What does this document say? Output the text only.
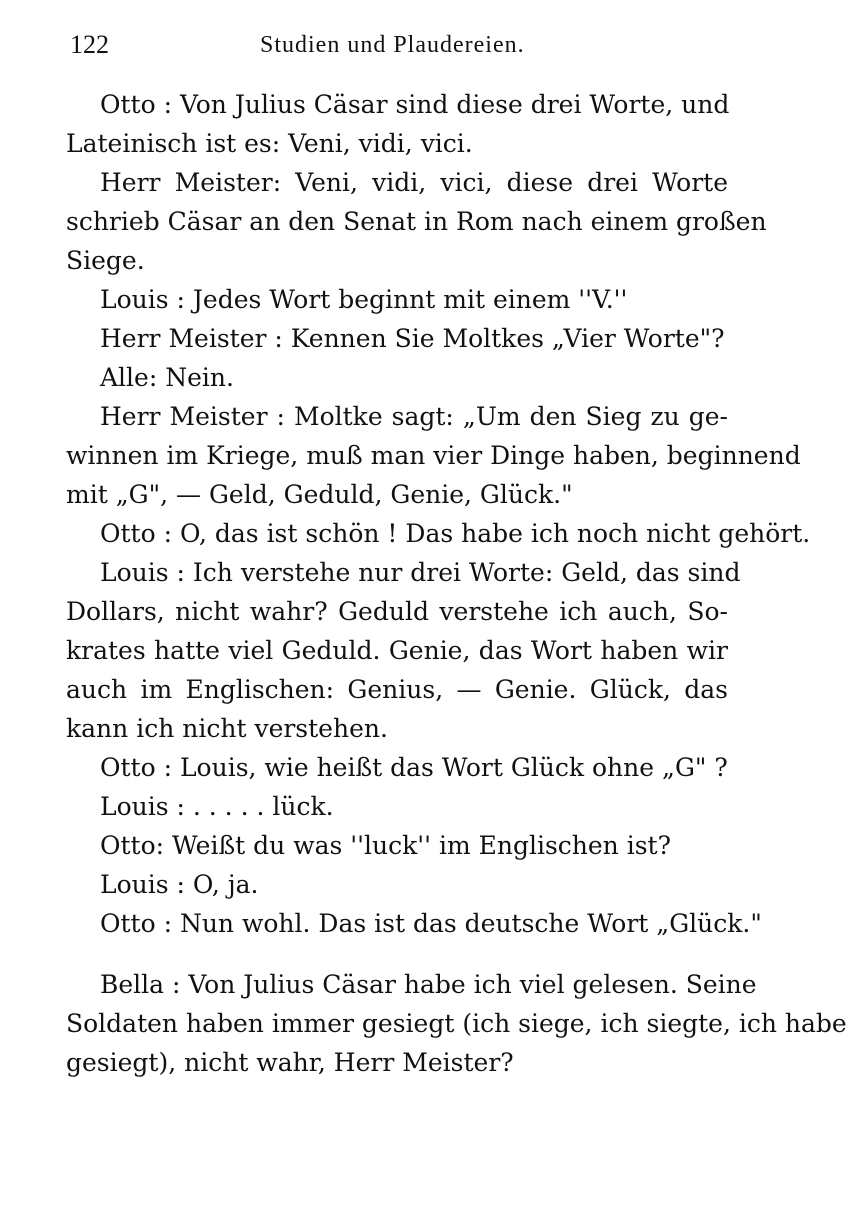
122	Studien und Plaudereien.
Otto : Von Julius Cäsar sind diese drei Worte, und
Lateinisch ist es: Veni, vidi, vici.
Herr Meister: Veni, vidi, vici, diese drei Worte
schrieb Cäsar an den Senat in Rom nach einem großen
Siege.
Louis : Jedes Wort beginnt mit einem ''V.''
Herr Meister : Kennen Sie Moltkes „Vier Worte"?
Alle: Nein.
Herr Meister : Moltke sagt: „Um den Sieg zu ge-
winnen im Kriege, muß man vier Dinge haben, beginnend
mit „G", — Geld, Geduld, Genie, Glück."
Otto : O, das ist schön ! Das habe ich noch nicht gehört.
Louis : Ich verstehe nur drei Worte: Geld, das sind
Dollars, nicht wahr? Geduld verstehe ich auch, So-
krates hatte viel Geduld. Genie, das Wort haben wir
auch im Englischen: Genius, — Genie. Glück, das
kann ich nicht verstehen.
Otto : Louis, wie heißt das Wort Glück ohne „G" ?
Louis : . . . . . lück.
Otto: Weißt du was ''luck'' im Englischen ist?
Louis : O, ja.
Otto : Nun wohl. Das ist das deutsche Wort „Glück."
Bella : Von Julius Cäsar habe ich viel gelesen. Seine
Soldaten haben immer gesiegt (ich siege, ich siegte, ich habe
gesiegt), nicht wahr, Herr Meister?
